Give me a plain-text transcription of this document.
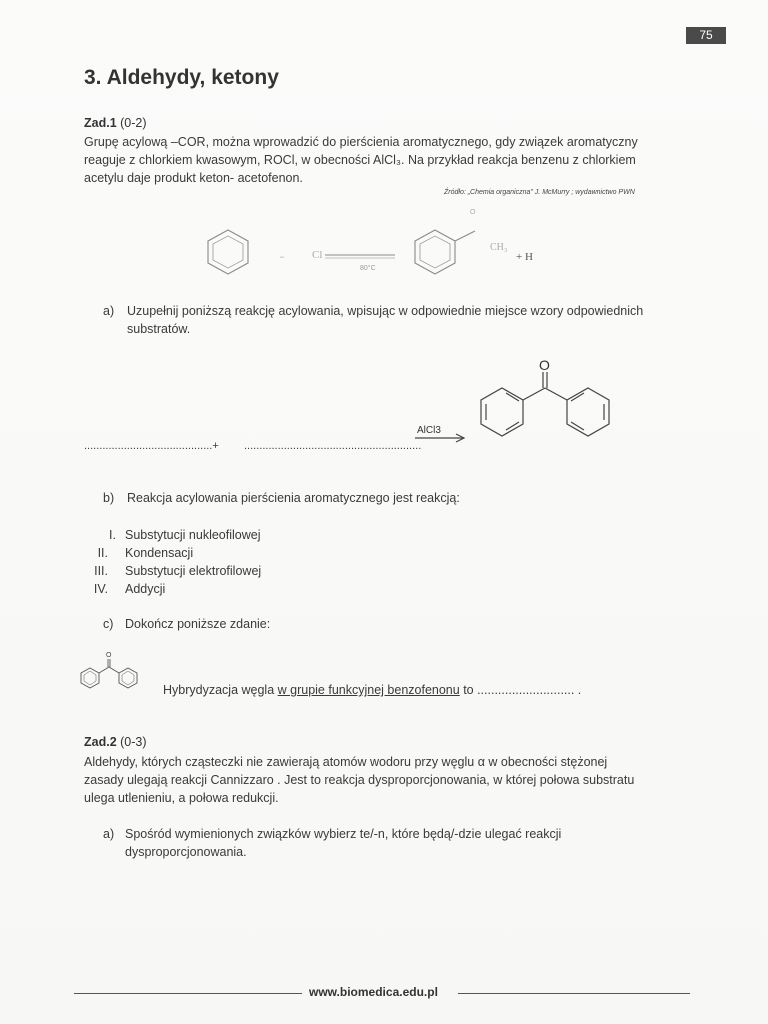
75
3. Aldehydy, ketony
Zad.1 (0-2)
Grupę acylową –COR, można wprowadzić do pierścienia aromatycznego, gdy związek aromatyczny
reaguje z chlorkiem kwasowym, ROCl, w obecności AlCl₃. Na przykład reakcja benzenu z chlorkiem
acetylu daje produkt keton- acetofenon.
Źródło: „Chemia organiczna" J. McMurry ; wydawnictwo PWN
~	Cl
80°C
O
CH₃
+ H
a) Uzupełnij poniższą reakcję acylowania, wpisując w odpowiednie miejsce wzory odpowiednich
substratów.
..........................................+ ..........................................................
AlCl3
O
b) Reakcja acylowania pierścienia aromatycznego jest reakcją:
I. Substytucji nukleofilowej
II. Kondensacji
III. Substytucji elektrofilowej
IV. Addycji
c) Dokończ poniższe zdanie:
O
Hybrydyzacja węgla w grupie funkcyjnej benzofenonu to ............................ .
Zad.2 (0-3)
Aldehydy, których cząsteczki nie zawierają atomów wodoru przy węglu α w obecności stężonej
zasady ulegają reakcji Cannizzaro . Jest to reakcja dysproporcjonowania, w której połowa substratu
ulega utlenieniu, a połowa redukcji.
a) Spośród wymienionych związków wybierz te/-n, które będą/-dzie ulegać reakcji
dysproporcjonowania.
www.biomedica.edu.pl
